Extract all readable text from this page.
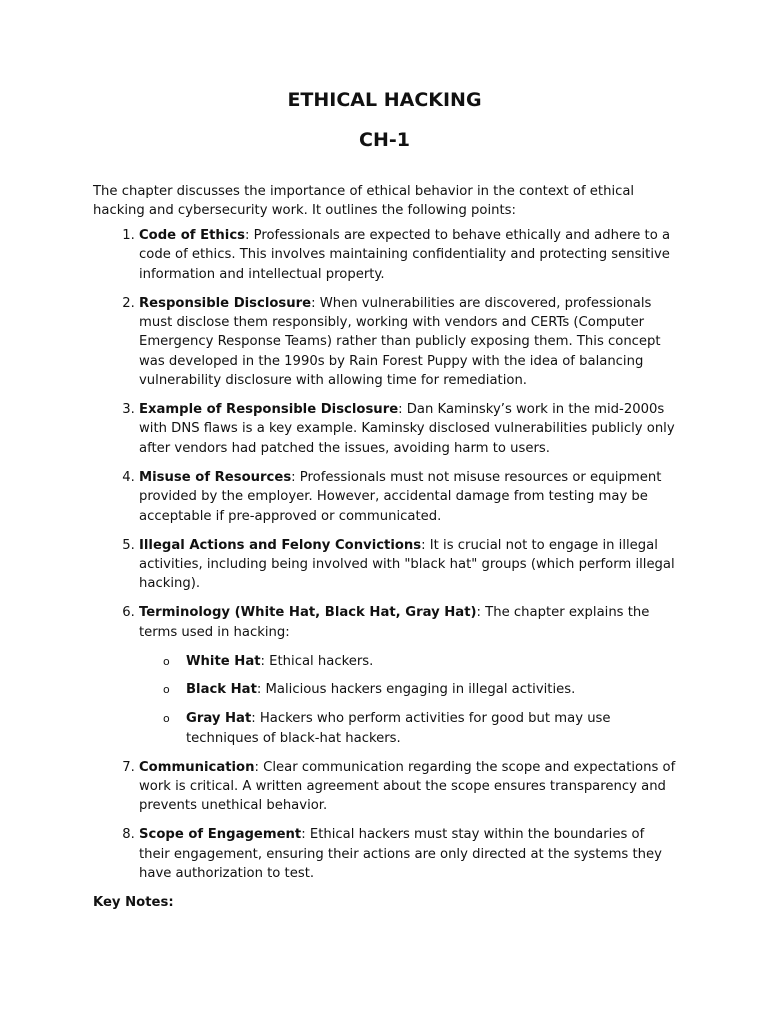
ETHICAL HACKING
CH-1

The chapter discusses the importance of ethical behavior in the context of ethical hacking and cybersecurity work. It outlines the following points:

1. Code of Ethics: Professionals are expected to behave ethically and adhere to a code of ethics. This involves maintaining confidentiality and protecting sensitive information and intellectual property.
2. Responsible Disclosure: When vulnerabilities are discovered, professionals must disclose them responsibly, working with vendors and CERTs (Computer Emergency Response Teams) rather than publicly exposing them. This concept was developed in the 1990s by Rain Forest Puppy with the idea of balancing vulnerability disclosure with allowing time for remediation.
3. Example of Responsible Disclosure: Dan Kaminsky’s work in the mid-2000s with DNS flaws is a key example. Kaminsky disclosed vulnerabilities publicly only after vendors had patched the issues, avoiding harm to users.
4. Misuse of Resources: Professionals must not misuse resources or equipment provided by the employer. However, accidental damage from testing may be acceptable if pre-approved or communicated.
5. Illegal Actions and Felony Convictions: It is crucial not to engage in illegal activities, including being involved with "black hat" groups (which perform illegal hacking).
6. Terminology (White Hat, Black Hat, Gray Hat): The chapter explains the terms used in hacking:
o White Hat: Ethical hackers.
o Black Hat: Malicious hackers engaging in illegal activities.
o Gray Hat: Hackers who perform activities for good but may use techniques of black-hat hackers.
7. Communication: Clear communication regarding the scope and expectations of work is critical. A written agreement about the scope ensures transparency and prevents unethical behavior.
8. Scope of Engagement: Ethical hackers must stay within the boundaries of their engagement, ensuring their actions are only directed at the systems they have authorization to test.

Key Notes:
